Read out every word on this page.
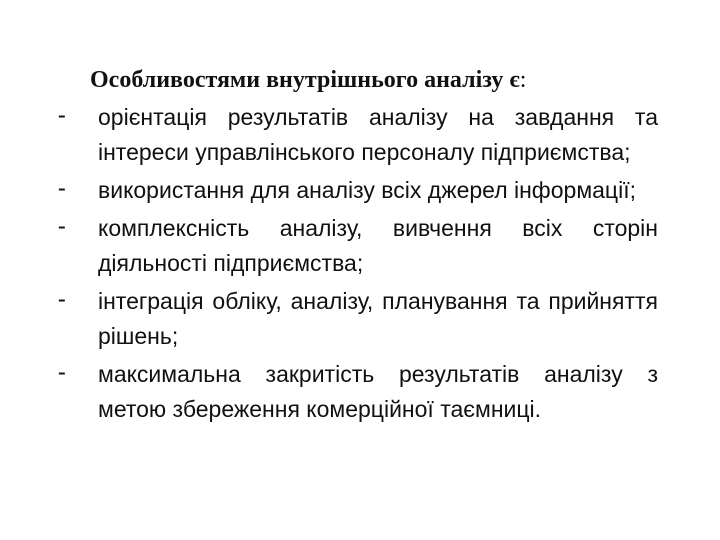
Особливостями внутрішнього аналізу є:
-	орієнтація результатів аналізу на завдання та інтереси управлінського персоналу підприємства;
-	використання для аналізу всіх джерел інформації;
-	комплексність аналізу, вивчення всіх сторін діяльності підприємства;
-	інтеграція обліку, аналізу, планування та прийняття рішень;
-	максимальна закритість результатів аналізу з метою збереження комерційної таємниці.
